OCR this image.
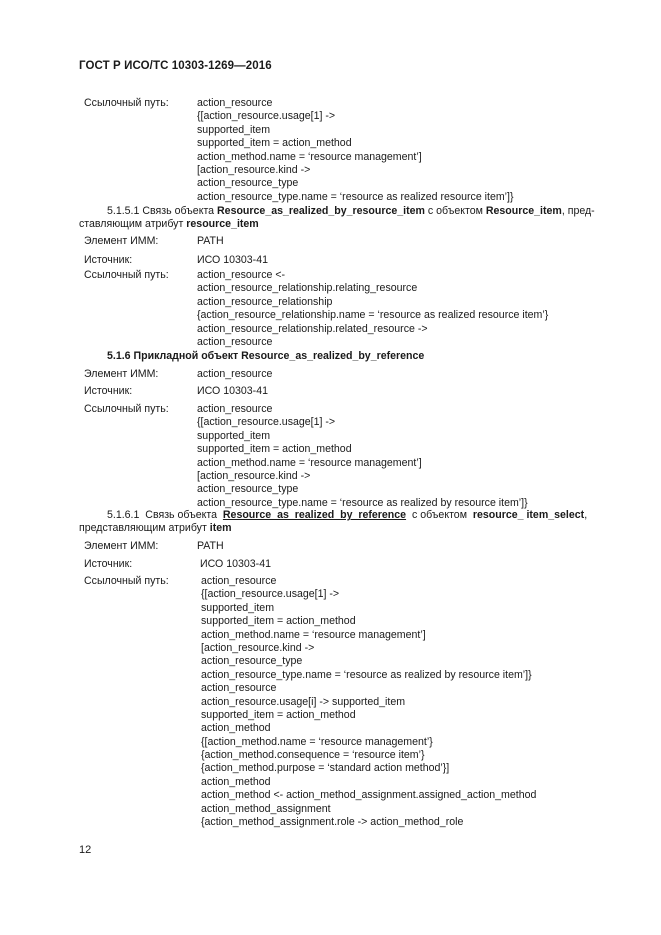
ГОСТ Р ИСО/ТС 10303-1269—2016
Ссылочный путь:	action_resource
{[action_resource.usage[1] ->
supported_item
supported_item = action_method
action_method.name = ‘resource management’]
[action_resource.kind ->
action_resource_type
action_resource_type.name = ‘resource as realized resource item’]}
5.1.5.1 Связь объекта Resource_as_realized_by_resource_item с объектом Resource_item, пред-
ставляющим атрибут resource_item
Элемент ИММ:	PATH
Источник:	ИСО 10303-41
Ссылочный путь:	action_resource <-
action_resource_relationship.relating_resource
action_resource_relationship
{action_resource_relationship.name = ‘resource as realized resource item’}
action_resource_relationship.related_resource ->
action_resource
5.1.6 Прикладной объект Resource_as_realized_by_reference
Элемент ИММ:	action_resource
Источник:	ИСО 10303-41
Ссылочный путь:	action_resource
{[action_resource.usage[1] ->
supported_item
supported_item = action_method
action_method.name = ‘resource management’]
[action_resource.kind ->
action_resource_type
action_resource_type.name = ‘resource as realized by resource item’]}
5.1.6.1 Связь объекта Resource_as_realized_by_reference с объектом resource_ item_select,
представляющим атрибут item
Элемент ИММ:	PATH
Источник:	ИСО 10303-41
Ссылочный путь:	action_resource
{[action_resource.usage[1] ->
supported_item
supported_item = action_method
action_method.name = ‘resource management’]
[action_resource.kind ->
action_resource_type
action_resource_type.name = ‘resource as realized by resource item’]}
action_resource
action_resource.usage[i] -> supported_item
supported_item = action_method
action_method
{[action_method.name = ‘resource management’}
{action_method.consequence = ‘resource item’}
{action_method.purpose = ‘standard action method’}]
action_method
action_method <- action_method_assignment.assigned_action_method
action_method_assignment
{action_method_assignment.role -> action_method_role
12
